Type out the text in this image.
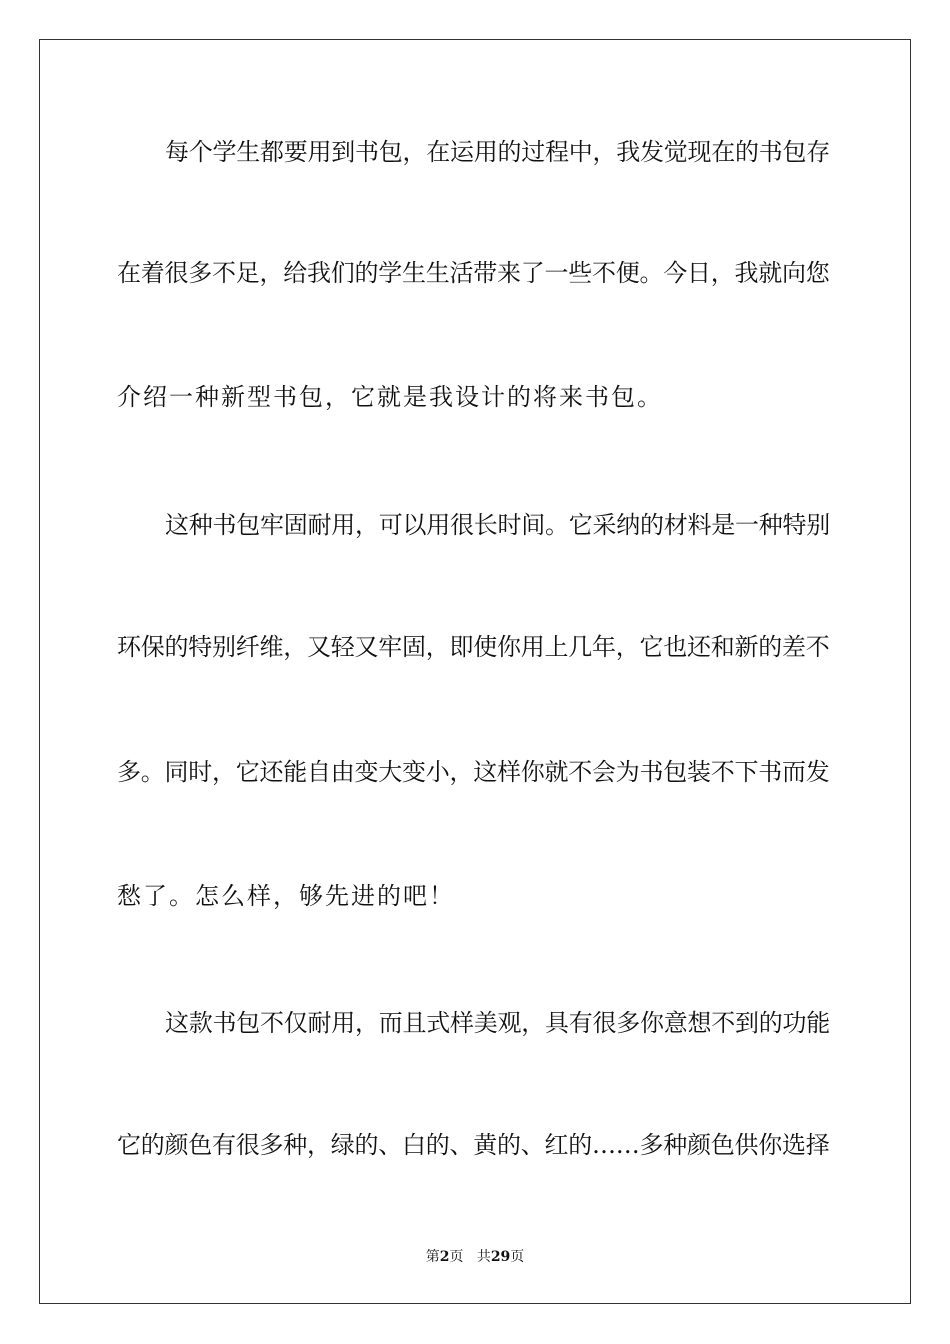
每个学生都要用到书包，在运用的过程中，我发觉现在的书包存
在着很多不足，给我们的学生生活带来了一些不便。今日，我就向您
介绍一种新型书包，它就是我设计的将来书包。
这种书包牢固耐用，可以用很长时间。它采纳的材料是一种特别
环保的特别纤维，又轻又牢固，即使你用上几年，它也还和新的差不
多。同时，它还能自由变大变小，这样你就不会为书包装不下书而发
愁了。怎么样，够先进的吧！
这款书包不仅耐用，而且式样美观，具有很多你意想不到的功能
它的颜色有很多种，绿的、白的、黄的、红的……多种颜色供你选择
第2页 共29页
